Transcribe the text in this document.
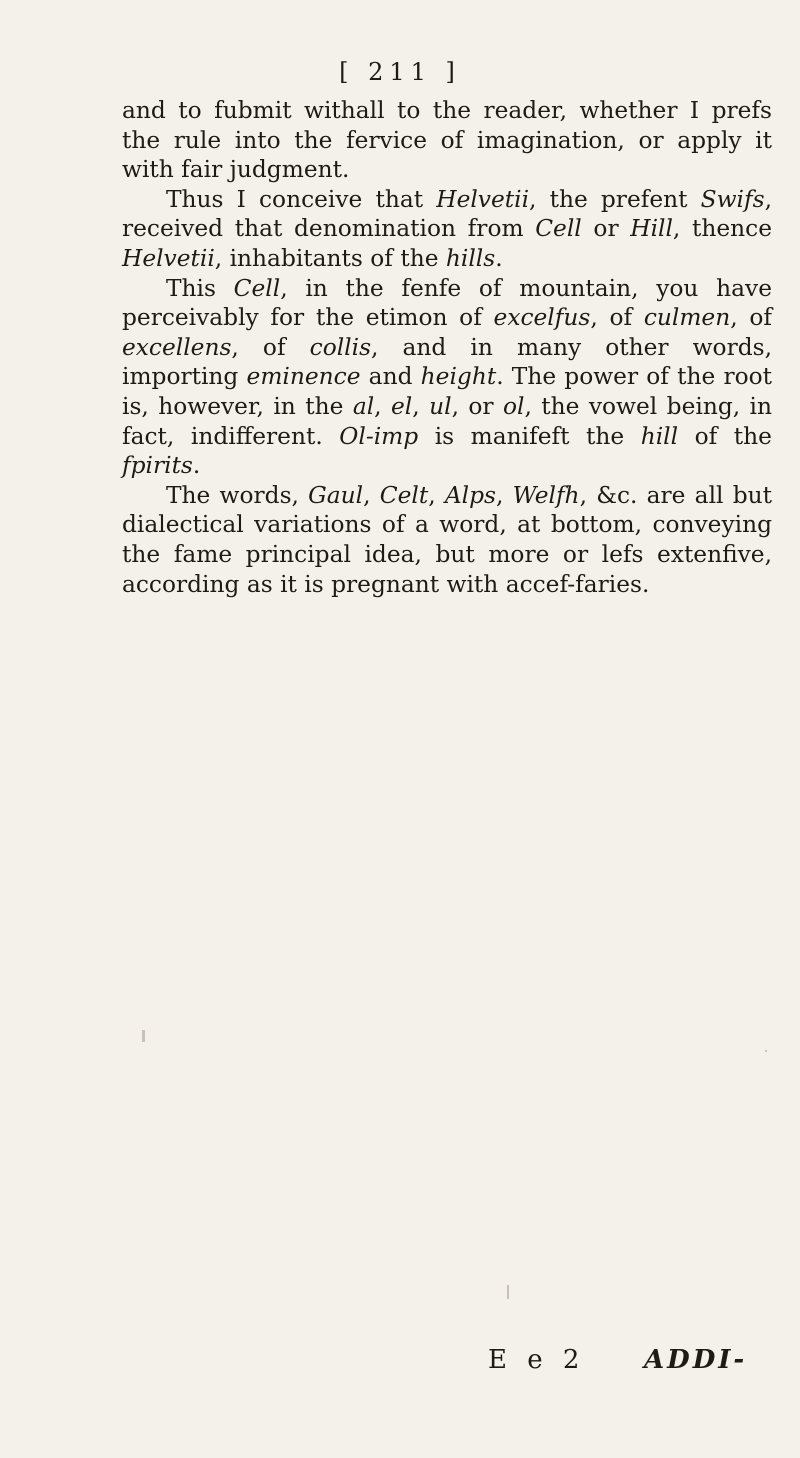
[ 211 ]

and to fubmit withall to the reader, whether I prefs the rule into the fervice of imagination, or apply it with fair judgment.

Thus I conceive that Helvetii, the prefent Swifs, received that denomination from Cell or Hill, thence Helvetii, inhabitants of the hills.

This Cell, in the fenfe of mountain, you have perceivably for the etimon of excelfus, of culmen, of excellens, of collis, and in many other words, importing eminence and height. The power of the root is, however, in the al, el, ul, or ol, the vowel being, in fact, indifferent. Ol-imp is manifeft the hill of the fpirits.

The words, Gaul, Celt, Alps, Welfh, &c. are all but dialectical variations of a word, at bottom, conveying the fame principal idea, but more or lefs extenfive, according as it is pregnant with accef-faries.

E e 2 ADDI-
